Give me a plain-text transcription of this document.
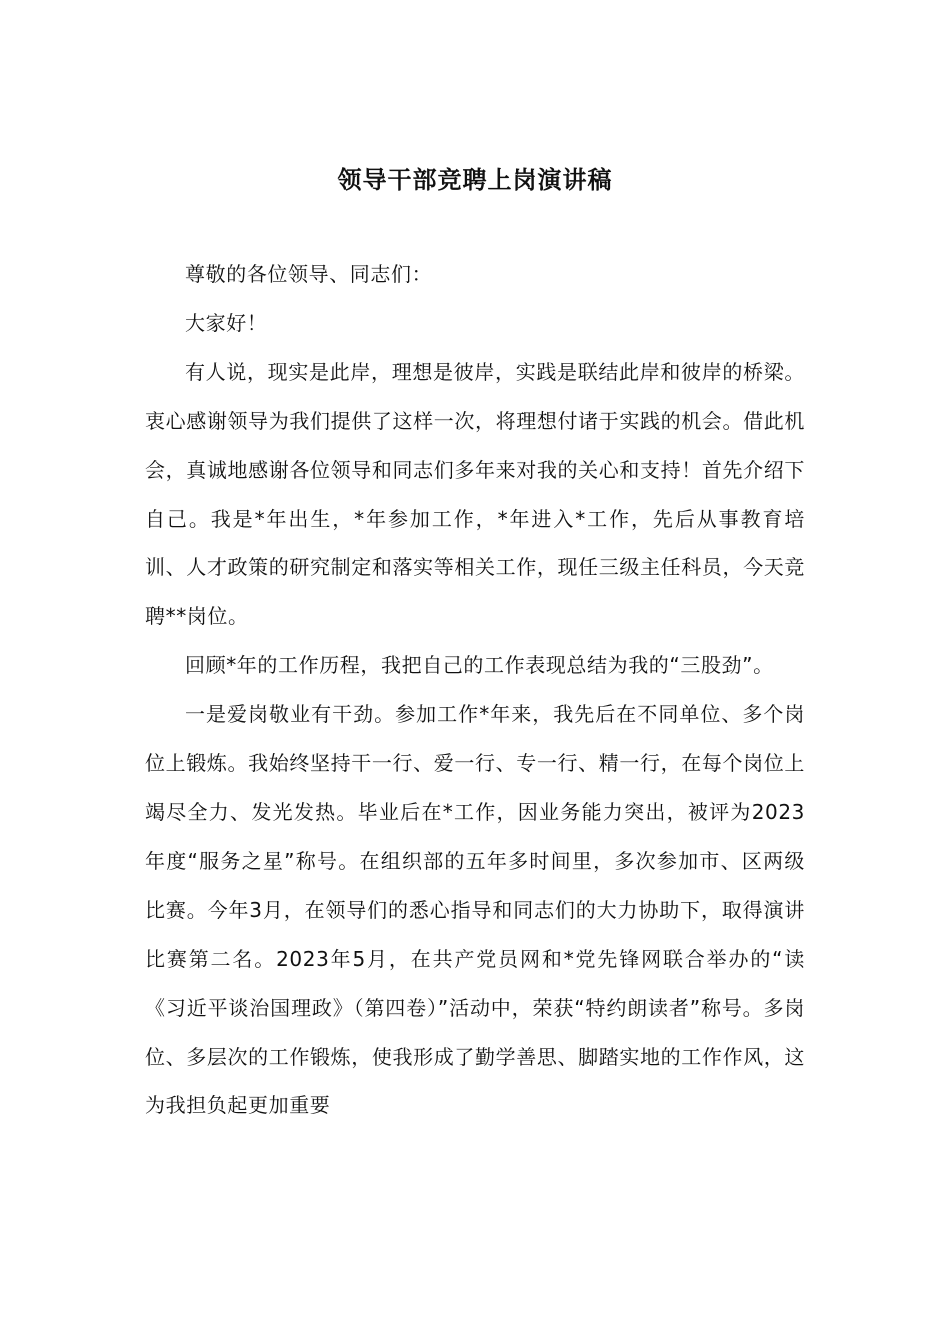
领导干部竞聘上岗演讲稿

尊敬的各位领导、同志们：

大家好！

有人说，现实是此岸，理想是彼岸，实践是联结此岸和彼岸的桥梁。衷心感谢领导为我们提供了这样一次，将理想付诸于实践的机会。借此机会，真诚地感谢各位领导和同志们多年来对我的关心和支持！首先介绍下自己。我是*年出生，*年参加工作，*年进入*工作，先后从事教育培训、人才政策的研究制定和落实等相关工作，现任三级主任科员，今天竞聘**岗位。

回顾*年的工作历程，我把自己的工作表现总结为我的“三股劲”。

一是爱岗敬业有干劲。参加工作*年来，我先后在不同单位、多个岗位上锻炼。我始终坚持干一行、爱一行、专一行、精一行，在每个岗位上竭尽全力、发光发热。毕业后在*工作，因业务能力突出，被评为2023年度“服务之星”称号。在组织部的五年多时间里，多次参加市、区两级比赛。今年3月，在领导们的悉心指导和同志们的大力协助下，取得演讲比赛第二名。2023年5月，在共产党员网和*党先锋网联合举办的“读《习近平谈治国理政》（第四卷）”活动中，荣获“特约朗读者”称号。多岗位、多层次的工作锻炼，使我形成了勤学善思、脚踏实地的工作作风，这为我担负起更加重要
